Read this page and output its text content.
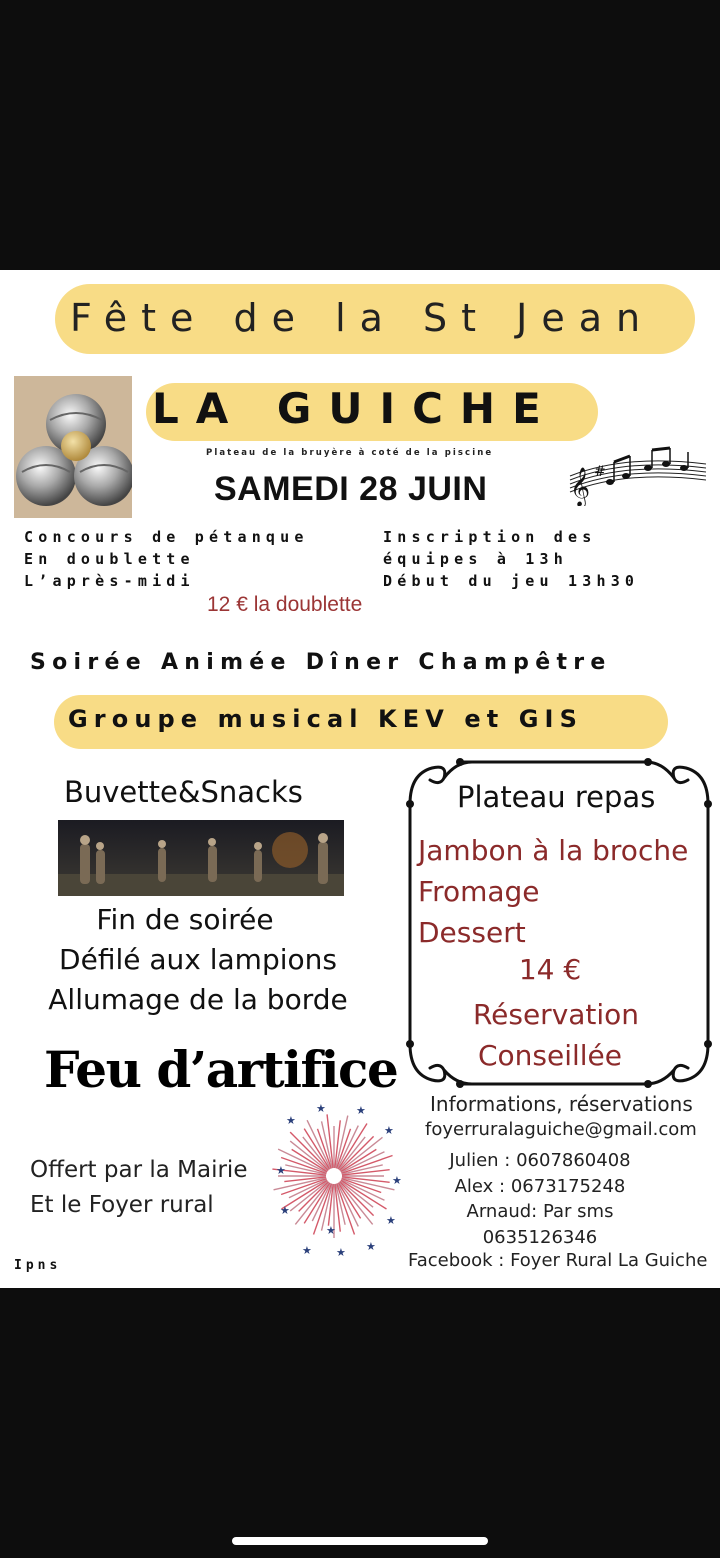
Fête de la St Jean
LA GUICHE
Plateau de la bruyère à coté de la piscine
SAMEDI 28 JUIN 𝄞 #
Concours de pétanque
En doublette
L’après-midi
Inscription des
équipes à 13h
Début du jeu 13h30
12 € la doublette
Soirée Animée Dîner Champêtre
Groupe musical KEV et GIS
Buvette&Snacks
Fin de soirée
Défilé aux lampions
Allumage de la borde
Plateau repas
Jambon à la broche
Fromage
Dessert
14 €
Réservation
Conseillée
Feu d’artifice
Offert par la Mairie
Et le Foyer rural
★
★	★
★
★
★
★
★
★ ★ ★
★
Informations, réservations
foyerruralaguiche@gmail.com
Julien : 0607860408
Alex : 0673175248
Arnaud: Par sms
0635126346
Facebook : Foyer Rural La Guiche
Ipns
